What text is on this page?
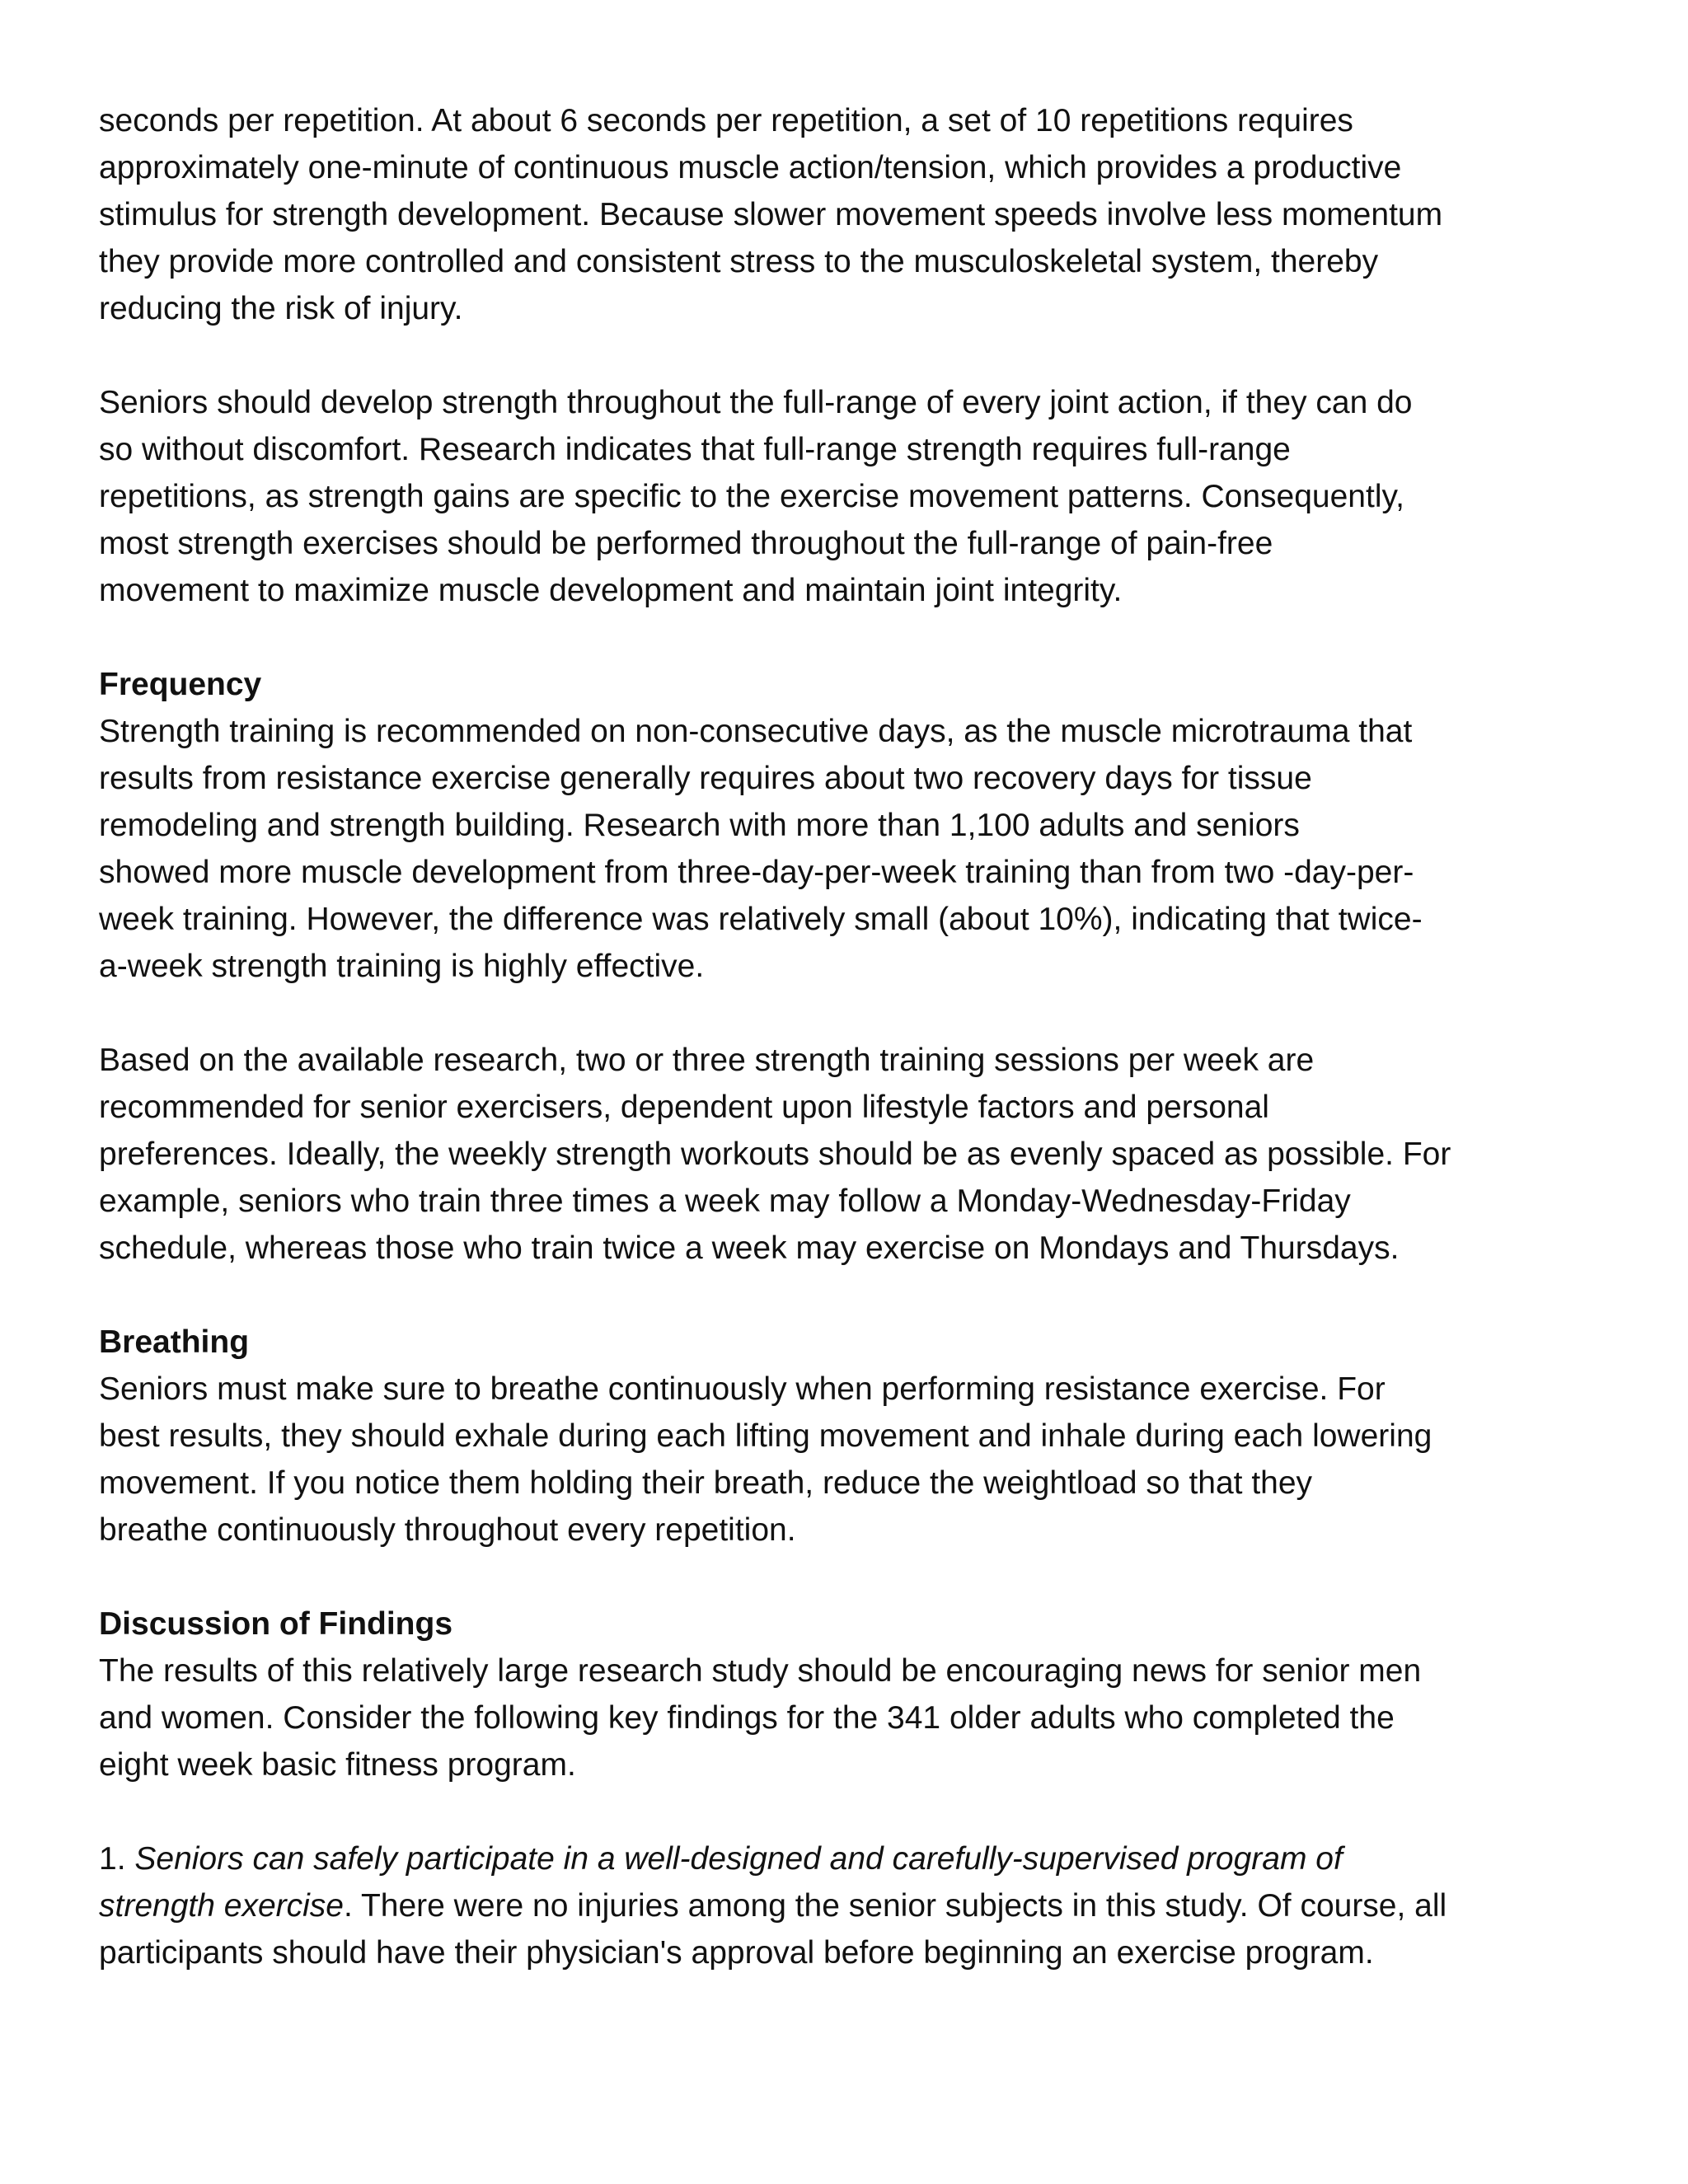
seconds per repetition. At about 6 seconds per repetition, a set of 10 repetitions requires
approximately one-minute of continuous muscle action/tension, which provides a productive
stimulus for strength development. Because slower movement speeds involve less momentum
they provide more controlled and consistent stress to the musculoskeletal system, thereby
reducing the risk of injury.
Seniors should develop strength throughout the full-range of every joint action, if they can do
so without discomfort. Research indicates that full-range strength requires full-range
repetitions, as strength gains are specific to the exercise movement patterns. Consequently,
most strength exercises should be performed throughout the full-range of pain-free
movement to maximize muscle development and maintain joint integrity.
Frequency
Strength training is recommended on non-consecutive days, as the muscle microtrauma that
results from resistance exercise generally requires about two recovery days for tissue
remodeling and strength building. Research with more than 1,100 adults and seniors
showed more muscle development from three-day-per-week training than from two -day-per-
week training. However, the difference was relatively small (about 10%), indicating that twice-
a-week strength training is highly effective.
Based on the available research, two or three strength training sessions per week are
recommended for senior exercisers, dependent upon lifestyle factors and personal
preferences. Ideally, the weekly strength workouts should be as evenly spaced as possible. For
example, seniors who train three times a week may follow a Monday-Wednesday-Friday
schedule, whereas those who train twice a week may exercise on Mondays and Thursdays.
Breathing
Seniors must make sure to breathe continuously when performing resistance exercise. For
best results, they should exhale during each lifting movement and inhale during each lowering
movement. If you notice them holding their breath, reduce the weightload so that they
breathe continuously throughout every repetition.
Discussion of Findings
The results of this relatively large research study should be encouraging news for senior men
and women. Consider the following key findings for the 341 older adults who completed the
eight week basic fitness program.
1. Seniors can safely participate in a well-designed and carefully-supervised program of
strength exercise. There were no injuries among the senior subjects in this study. Of course, all
participants should have their physician's approval before beginning an exercise program.
